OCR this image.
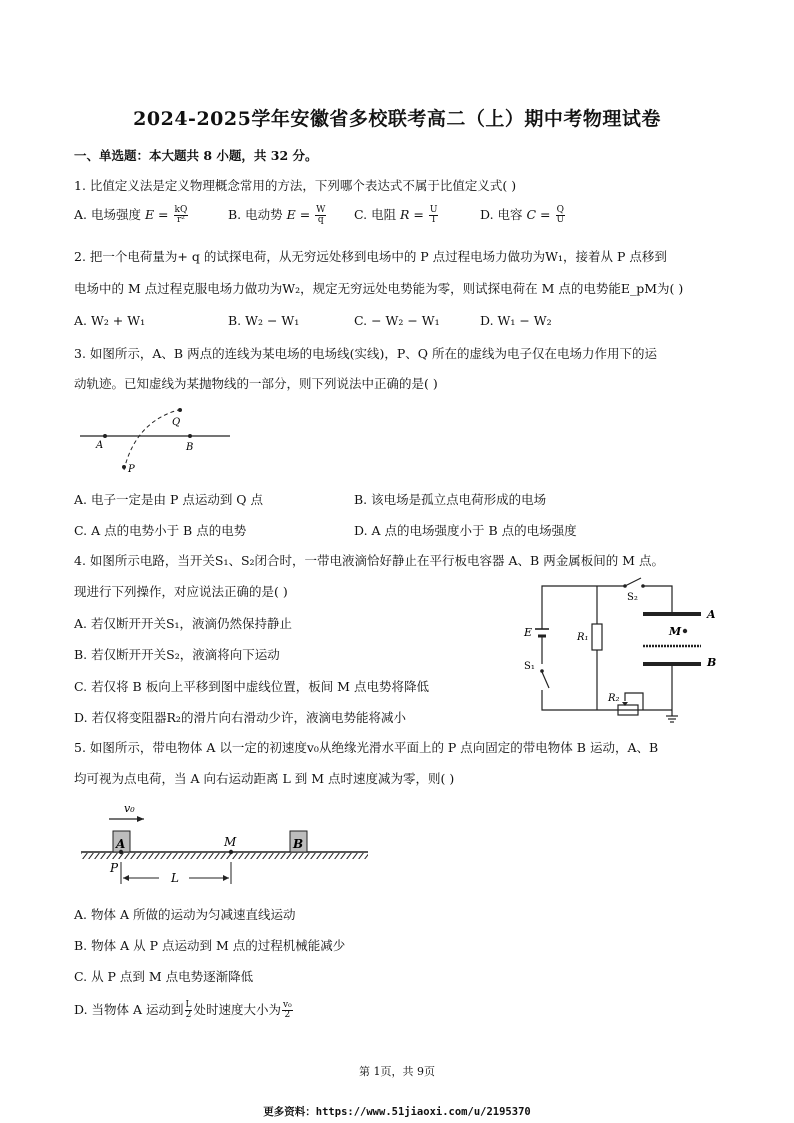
2024-2025学年安徽省多校联考高二（上）期中考物理试卷
一、单选题：本大题共 8 小题，共 32 分。
1. 比值定义法是定义物理概念常用的方法，下列哪个表达式不属于比值定义式( )
A. 电场强度 $E = \frac{kQ}{\text{r²}}$	B. 电动势 $E = \frac{W}{q} C$. 电阻 $R = \frac{U}{I}$	D. 电容 $C = \frac{Q}{U}$
2. 把一个电荷量为+ q 的试探电荷，从无穷远处移到电场中的 P 点过程电场力做功为W₁，接着从 P 点移到
电场中的 M 点过程克服电场力做功为W₂，规定无穷远处电势能为零，则试探电荷在 M 点的电势能E_pM为( )
A. W₂ + W₁	B. W₂ − W₁	C. − W₂ − W₁	D. W₁ − W₂
3. 如图所示，A、B 两点的连线为某电场的电场线(实线)，P、Q 所在的虚线为电子仅在电场力作用下的运
动轨迹。已知虚线为某抛物线的一部分，则下列说法中正确的是( )
A	B
P
Q
A. 电子一定是由 P 点运动到 Q 点	B. 该电场是孤立点电荷形成的电场
C. A 点的电势小于 B 点的电势	D. A 点的电场强度小于 B 点的电场强度
4. 如图所示电路，当开关S₁、S₂闭合时，一带电液滴恰好静止在平行板电容器 A、B 两金属板间的 M 点。
现进行下列操作，对应说法正确的是( )
A. 若仅断开开关S₁，液滴仍然保持静止
B. 若仅断开开关S₂，液滴将向下运动
C. 若仅将 B 板向上平移到图中虚线位置，板间 M 点电势将降低
D. 若仅将变阻器R₂的滑片向右滑动少许，液滴电势能将减小
S₂
E
S₁
R₁
R₂
A
B
M
5. 如图所示，带电物体 A 以一定的初速度v₀从绝缘光滑水平面上的 P 点向固定的带电物体 B 运动，A、B
均可视为点电荷，当 A 向右运动距离 L 到 M 点时速度减为零，则( )
v₀
A	B
M
P
L
A. 物体 A 所做的运动为匀减速直线运动
B. 物体 A 从 P 点运动到 M 点的过程机械能减少
C. 从 P 点到 M 点电势逐渐降低
D. 当物体 A 运动到 $\frac{L}{2}$ 处时速度大小为 $\frac{\text{v₀}}{2}$
第 1页，共 9页
更多资料：https://www.51jiaoxi.com/u/2195370
